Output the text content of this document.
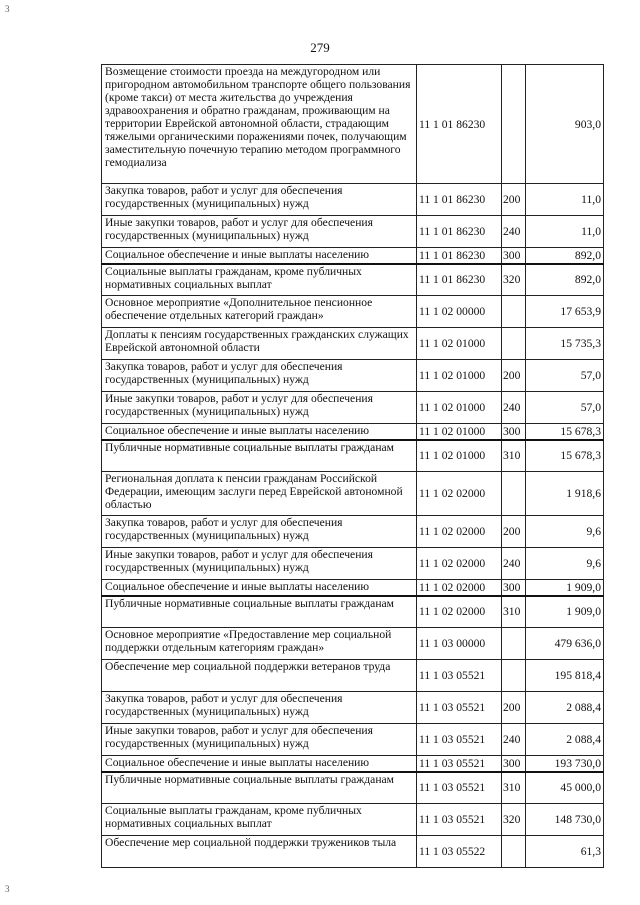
3
3
279
Возмещение стоимости проезда на междугородном или пригородном автомобильном транспорте общего пользования (кроме такси) от места жительства до учреждения здравоохранения и обратно гражданам, проживающим на территории Еврейской автономной области, страдающим тяжелыми органическими поражениями почек, получающим заместительную почечную терапию методом программного гемодиализа	11 1 01 86230		903,0
Закупка товаров, работ и услуг для обеспечения государственных (муниципальных) нужд	11 1 01 86230	200	11,0
Иные закупки товаров, работ и услуг для обеспечения государственных (муниципальных) нужд	11 1 01 86230	240	11,0
Социальное обеспечение и иные выплаты населению	11 1 01 86230	300	892,0
Социальные выплаты гражданам, кроме публичных нормативных социальных выплат	11 1 01 86230	320	892,0
Основное мероприятие «Дополнительное пенсионное обеспечение отдельных категорий граждан»	11 1 02 00000		17 653,9
Доплаты к пенсиям государственных гражданских служащих Еврейской автономной области	11 1 02 01000		15 735,3
Закупка товаров, работ и услуг для обеспечения государственных (муниципальных) нужд	11 1 02 01000	200	57,0
Иные закупки товаров, работ и услуг для обеспечения государственных (муниципальных) нужд	11 1 02 01000	240	57,0
Социальное обеспечение и иные выплаты населению	11 1 02 01000	300	15 678,3
Публичные нормативные социальные выплаты гражданам	11 1 02 01000	310	15 678,3
Региональная доплата к пенсии гражданам Российской Федерации, имеющим заслуги перед Еврейской автономной областью	11 1 02 02000		1 918,6
Закупка товаров, работ и услуг для обеспечения государственных (муниципальных) нужд	11 1 02 02000	200	9,6
Иные закупки товаров, работ и услуг для обеспечения государственных (муниципальных) нужд	11 1 02 02000	240	9,6
Социальное обеспечение и иные выплаты населению	11 1 02 02000	300	1 909,0
Публичные нормативные социальные выплаты гражданам	11 1 02 02000	310	1 909,0
Основное мероприятие «Предоставление мер социальной поддержки отдельным категориям граждан»	11 1 03 00000		479 636,0
Обеспечение мер социальной поддержки ветеранов труда	11 1 03 05521		195 818,4
Закупка товаров, работ и услуг для обеспечения государственных (муниципальных) нужд	11 1 03 05521	200	2 088,4
Иные закупки товаров, работ и услуг для обеспечения государственных (муниципальных) нужд	11 1 03 05521	240	2 088,4
Социальное обеспечение и иные выплаты населению	11 1 03 05521	300	193 730,0
Публичные нормативные социальные выплаты гражданам	11 1 03 05521	310	45 000,0
Социальные выплаты гражданам, кроме публичных нормативных социальных выплат	11 1 03 05521	320	148 730,0
Обеспечение мер социальной поддержки тружеников тыла	11 1 03 05522		61,3
